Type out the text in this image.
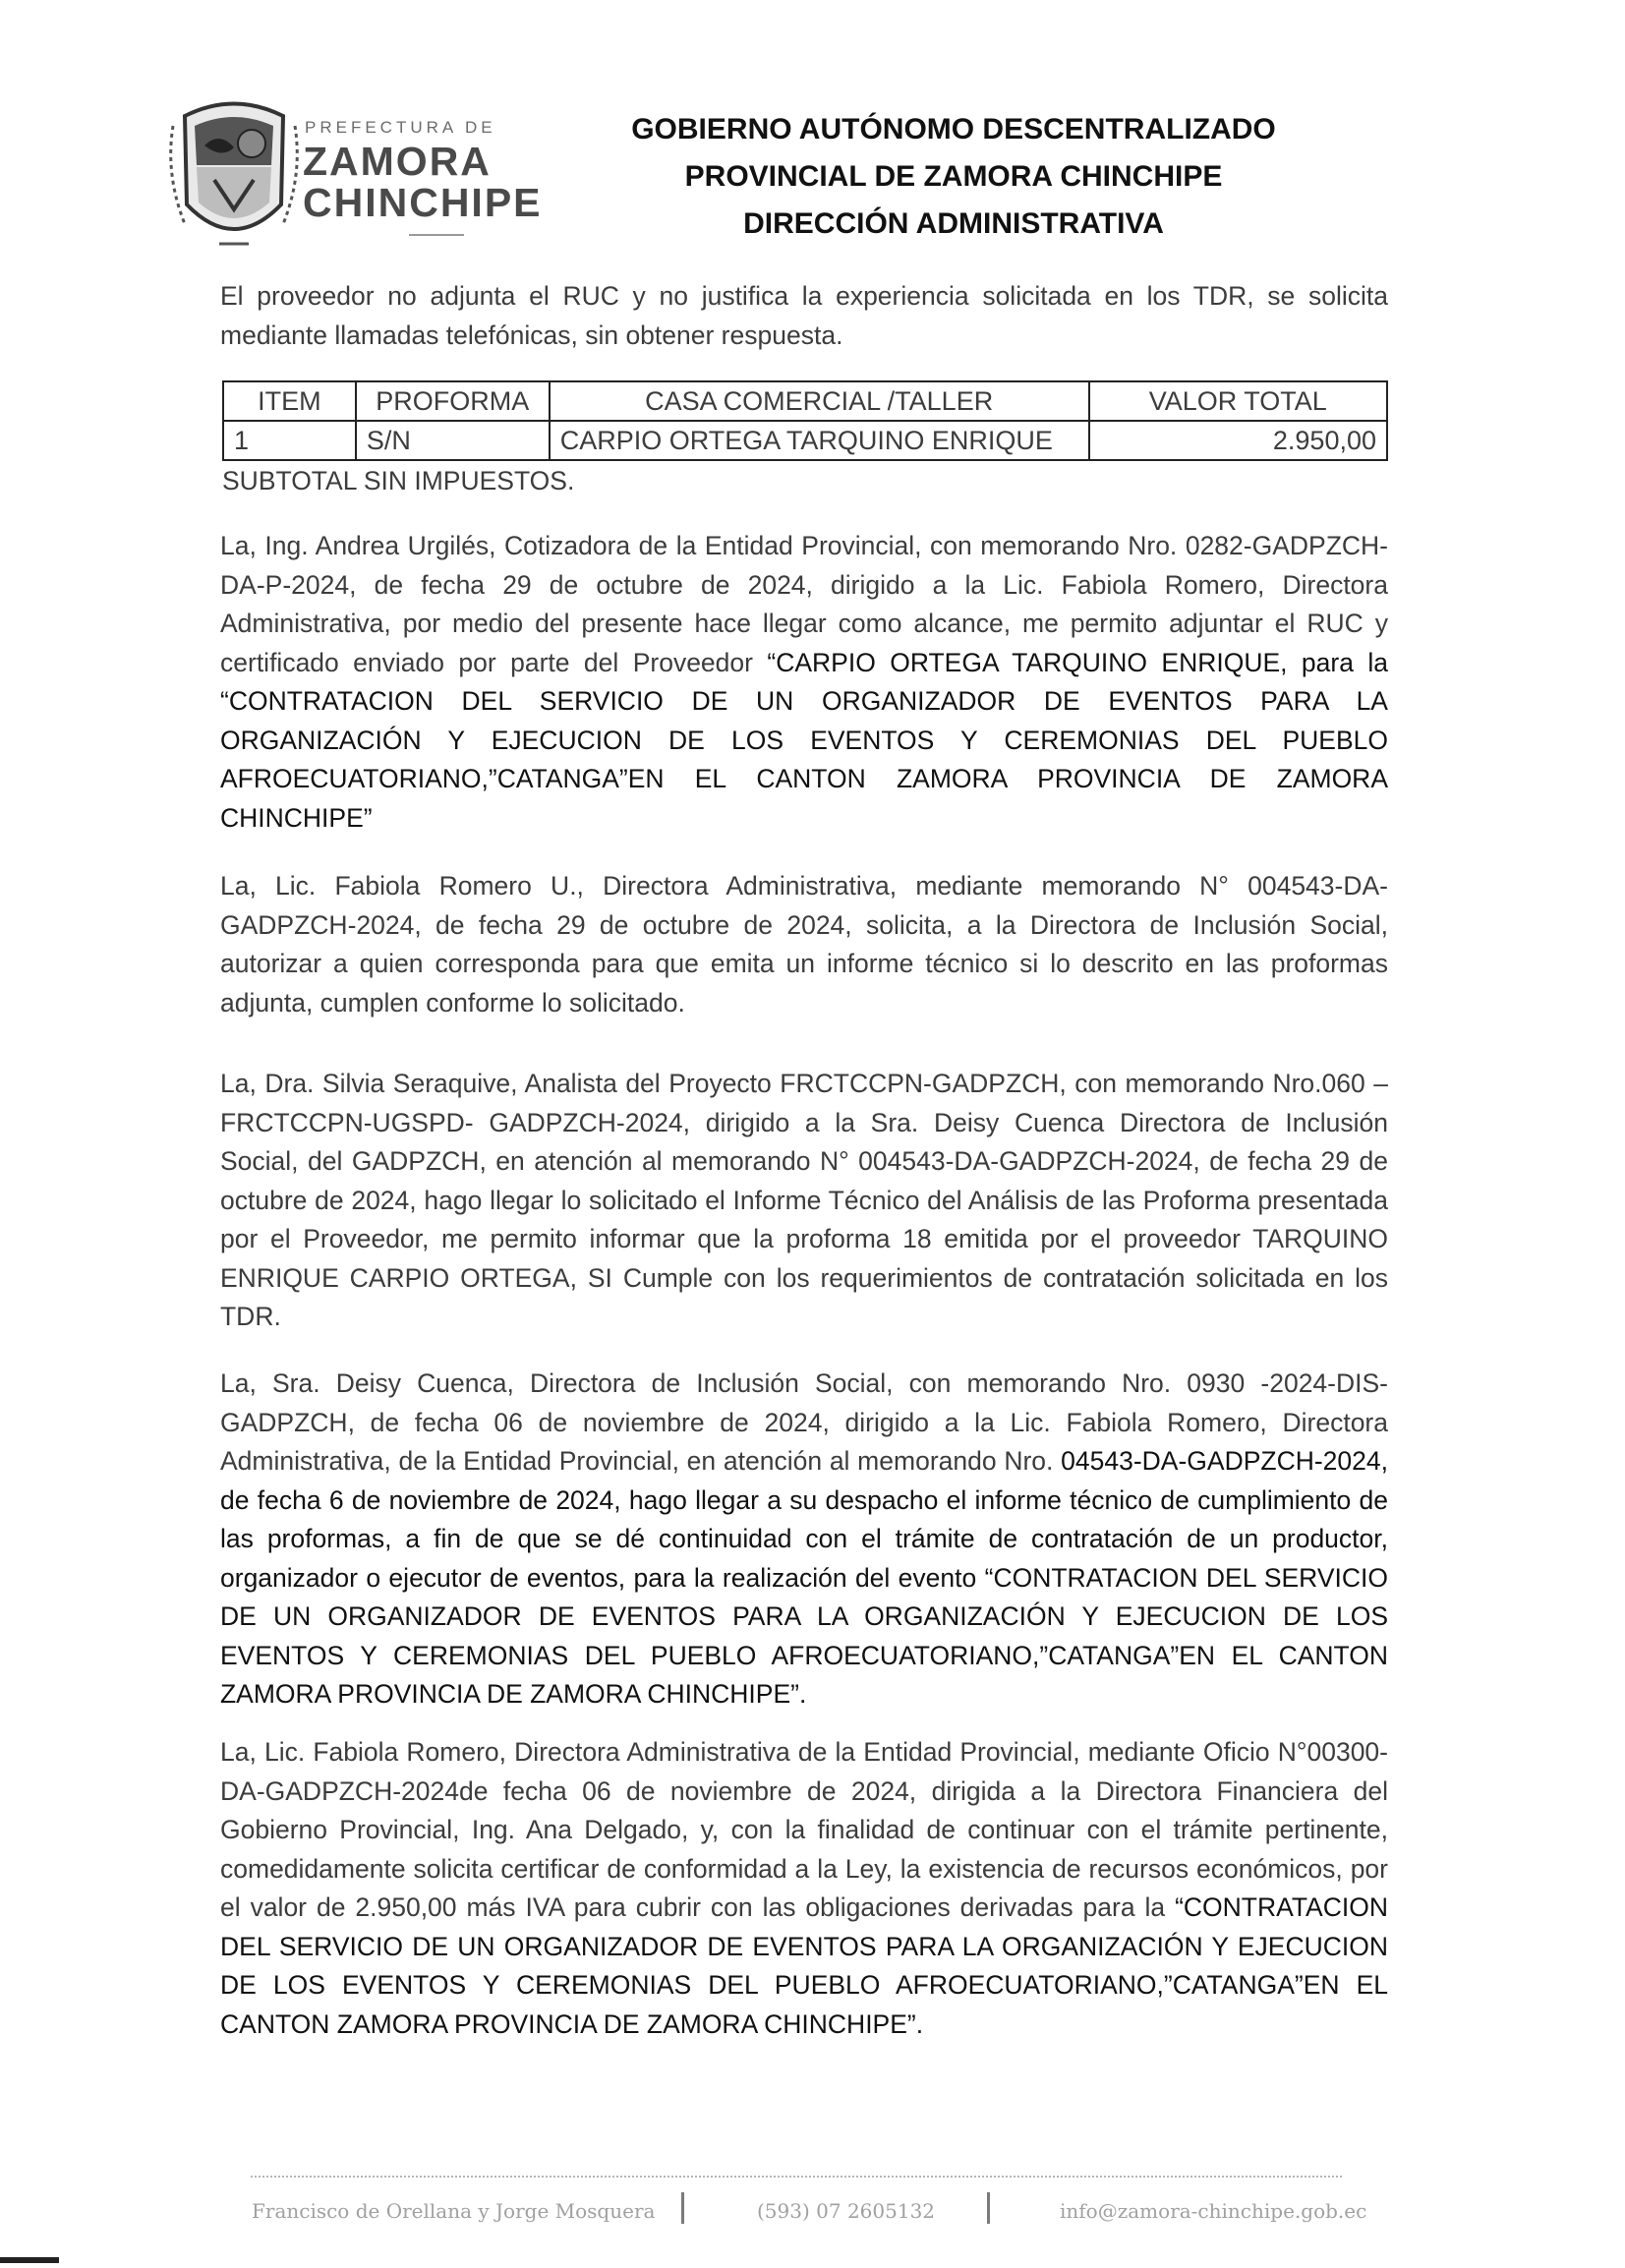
PREFECTURA DE
ZAMORA
CHINCHIPE
GOBIERNO AUTÓNOMO DESCENTRALIZADO
PROVINCIAL DE ZAMORA CHINCHIPE
DIRECCIÓN ADMINISTRATIVA
El proveedor no adjunta el RUC y no justifica la experiencia solicitada en los TDR, se solicita mediante llamadas telefónicas, sin obtener respuesta.
ITEM	PROFORMA	CASA COMERCIAL /TALLER	VALOR TOTAL
1	S/N	CARPIO ORTEGA TARQUINO ENRIQUE	2.950,00
SUBTOTAL SIN IMPUESTOS.
La, Ing. Andrea Urgilés, Cotizadora de la Entidad Provincial, con memorando Nro. 0282-GADPZCH-DA-P-2024, de fecha 29 de octubre de 2024, dirigido a la Lic. Fabiola Romero, Directora Administrativa, por medio del presente hace llegar como alcance, me permito adjuntar el RUC y certificado enviado por parte del Proveedor “CARPIO ORTEGA TARQUINO ENRIQUE, para la “CONTRATACION DEL SERVICIO DE UN ORGANIZADOR DE EVENTOS PARA LA ORGANIZACIÓN Y EJECUCION DE LOS EVENTOS Y CEREMONIAS DEL PUEBLO AFROECUATORIANO,”CATANGA”EN EL CANTON ZAMORA PROVINCIA DE ZAMORA CHINCHIPE”
La, Lic. Fabiola Romero U., Directora Administrativa, mediante memorando N° 004543-DA-GADPZCH-2024, de fecha 29 de octubre de 2024, solicita, a la Directora de Inclusión Social, autorizar a quien corresponda para que emita un informe técnico si lo descrito en las proformas adjunta, cumplen conforme lo solicitado.
La, Dra. Silvia Seraquive, Analista del Proyecto FRCTCCPN-GADPZCH, con memorando Nro.060 –FRCTCCPN-UGSPD- GADPZCH-2024, dirigido a la Sra. Deisy Cuenca Directora de Inclusión Social, del GADPZCH, en atención al memorando N° 004543-DA-GADPZCH-2024, de fecha 29 de octubre de 2024, hago llegar lo solicitado el Informe Técnico del Análisis de las Proforma presentada por el Proveedor, me permito informar que la proforma 18 emitida por el proveedor TARQUINO ENRIQUE CARPIO ORTEGA, SI Cumple con los requerimientos de contratación solicitada en los TDR.
La, Sra. Deisy Cuenca, Directora de Inclusión Social, con memorando Nro. 0930 -2024-DIS-GADPZCH, de fecha 06 de noviembre de 2024, dirigido a la Lic. Fabiola Romero, Directora Administrativa, de la Entidad Provincial, en atención al memorando Nro. 04543-DA-GADPZCH-2024, de fecha 6 de noviembre de 2024, hago llegar a su despacho el informe técnico de cumplimiento de las proformas, a fin de que se dé continuidad con el trámite de contratación de un productor, organizador o ejecutor de eventos, para la realización del evento “CONTRATACION DEL SERVICIO DE UN ORGANIZADOR DE EVENTOS PARA LA ORGANIZACIÓN Y EJECUCION DE LOS EVENTOS Y CEREMONIAS DEL PUEBLO AFROECUATORIANO,”CATANGA”EN EL CANTON ZAMORA PROVINCIA DE ZAMORA CHINCHIPE”.
La, Lic. Fabiola Romero, Directora Administrativa de la Entidad Provincial, mediante Oficio N°00300-DA-GADPZCH-2024de fecha 06 de noviembre de 2024, dirigida a la Directora Financiera del Gobierno Provincial, Ing. Ana Delgado, y, con la finalidad de continuar con el trámite pertinente, comedidamente solicita certificar de conformidad a la Ley, la existencia de recursos económicos, por el valor de 2.950,00 más IVA para cubrir con las obligaciones derivadas para la “CONTRATACION DEL SERVICIO DE UN ORGANIZADOR DE EVENTOS PARA LA ORGANIZACIÓN Y EJECUCION DE LOS EVENTOS Y CEREMONIAS DEL PUEBLO AFROECUATORIANO,”CATANGA”EN EL CANTON ZAMORA PROVINCIA DE ZAMORA CHINCHIPE”.
Francisco de Orellana y Jorge Mosquera	(593) 07 2605132	info@zamora-chinchipe.gob.ec
